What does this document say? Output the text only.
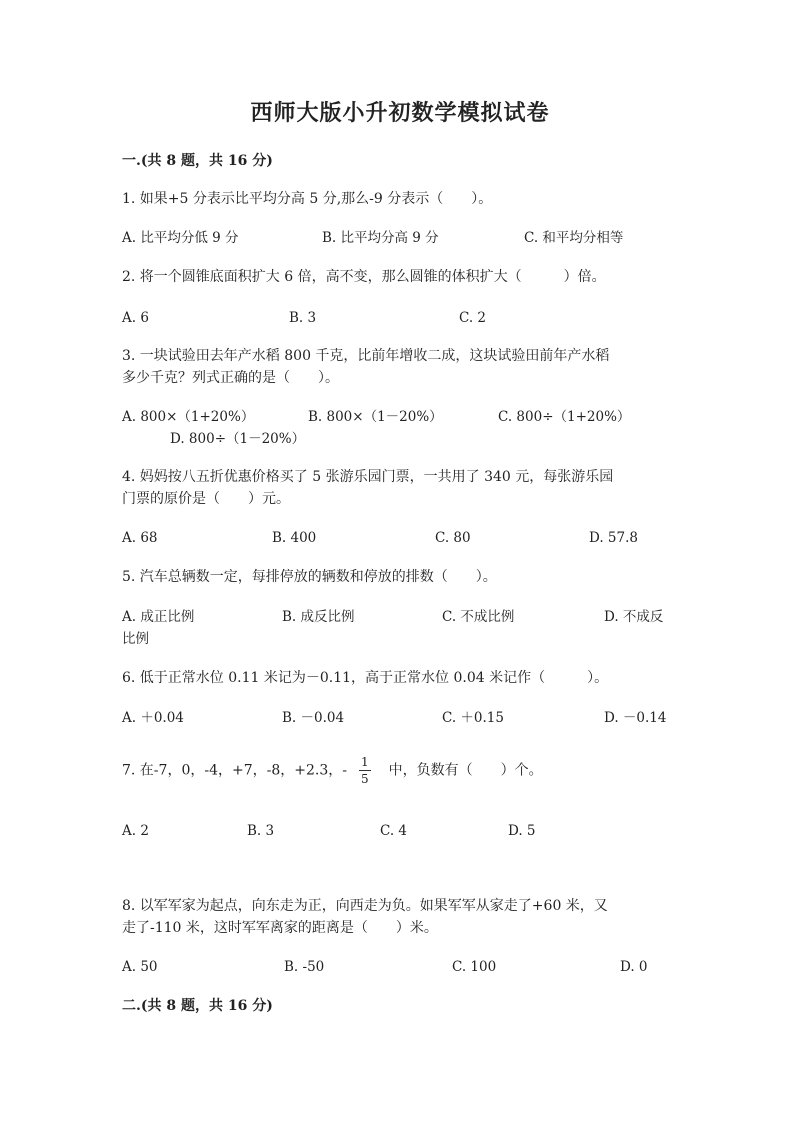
西师大版小升初数学模拟试卷
一.(共 8 题，共 16 分)
1. 如果+5 分表示比平均分高 5 分,那么-9 分表示（　　）。
A. 比平均分低 9 分	B. 比平均分高 9 分	C. 和平均分相等
2. 将一个圆锥底面积扩大 6 倍，高不变，那么圆锥的体积扩大（　　　）倍。
A. 6	B. 3	C. 2
3. 一块试验田去年产水稻 800 千克，比前年增收二成，这块试验田前年产水稻
多少千克？列式正确的是（　　）。
A. 800×（1+20%）	B. 800×（1－20%）	C. 800÷（1+20%）
D. 800÷（1－20%）
4. 妈妈按八五折优惠价格买了 5 张游乐园门票，一共用了 340 元，每张游乐园
门票的原价是（　　）元。
A. 68	B. 400	C. 80	D. 57.8
5. 汽车总辆数一定，每排停放的辆数和停放的排数（　　）。
A. 成正比例	B. 成反比例	C. 不成比例	D. 不成反
比例
6. 低于正常水位 0.11 米记为－0.11，高于正常水位 0.04 米记作（　　　）。
A. ＋0.04	B. －0.04	C. ＋0.15	D. －0.14
7. 在-7，0，-4，+7，-8，+2.3，- $\frac{1}{5}$ 中，负数有（　　）个。
A. 2	B. 3	C. 4	D. 5
8. 以军军家为起点，向东走为正，向西走为负。如果军军从家走了+60 米，又
走了-110 米，这时军军离家的距离是（　　）米。
A. 50	B. -50	C. 100	D. 0
二.(共 8 题，共 16 分)
